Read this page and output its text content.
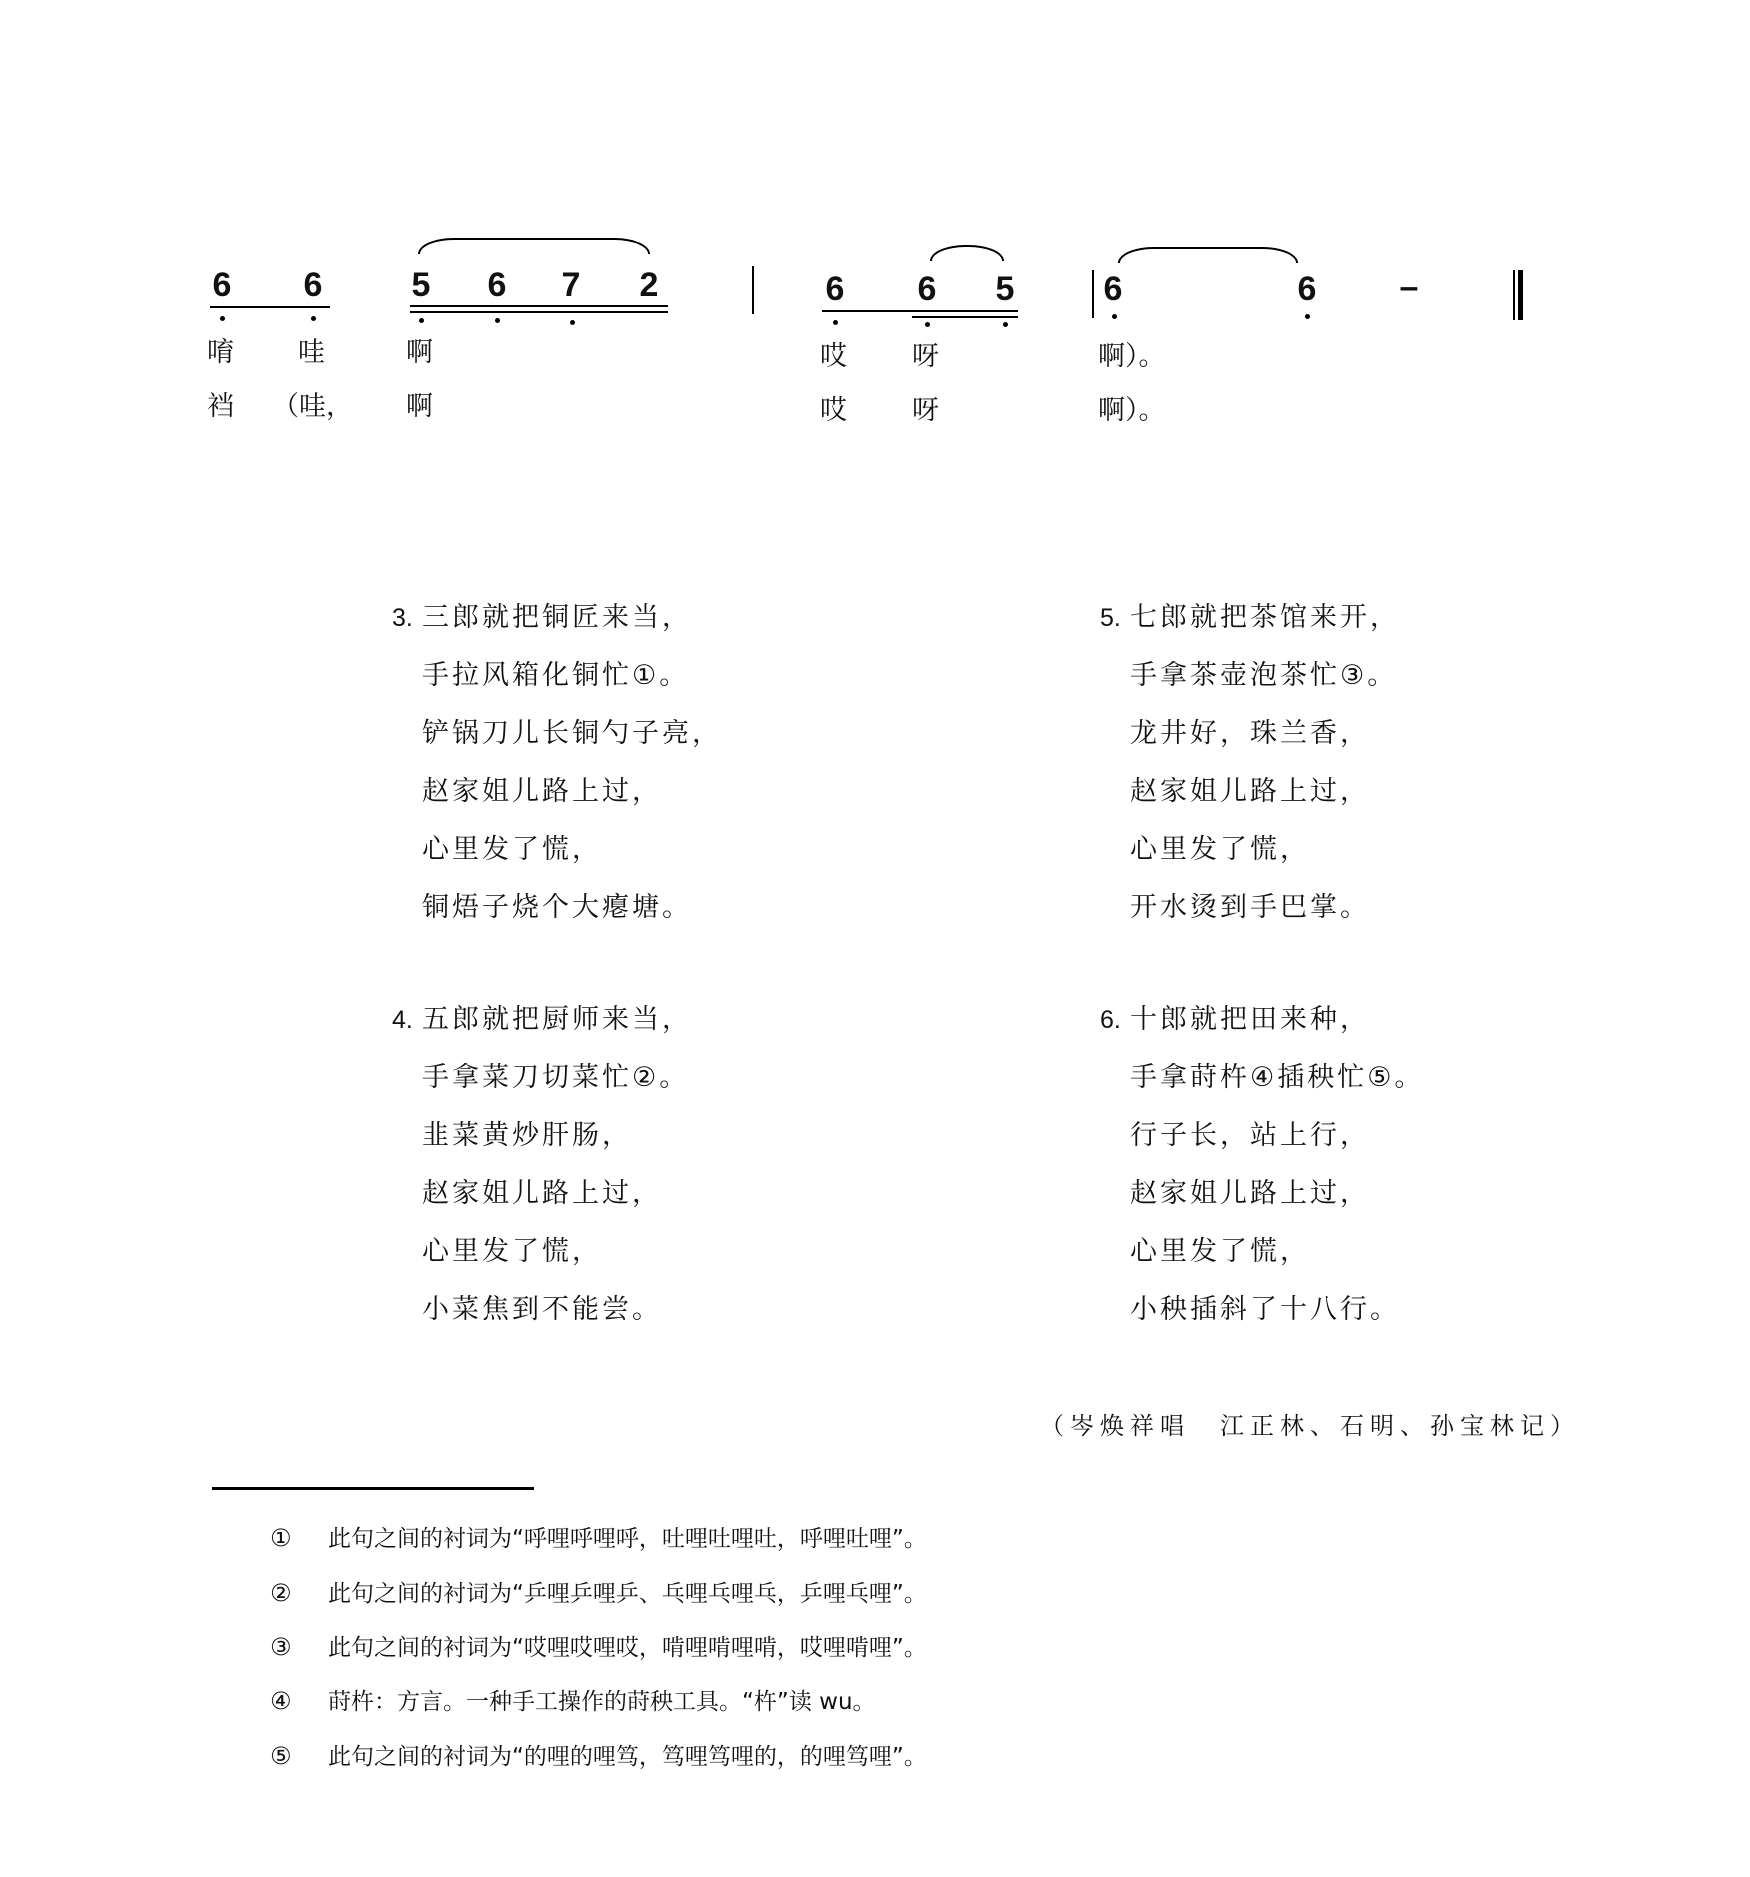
6 6	5 6 7 2	6 6 5	6	6 –
唷 哇	啊	哎 呀	啊）。
裆 （哇， 啊	哎 呀	啊）。
3. 三郎就把铜匠来当，
手拉风箱化铜忙①。
铲锅刀儿长铜勺子亮，
赵家姐儿路上过，
心里发了慌，
铜焐子烧个大瘪塘。
4. 五郎就把厨师来当，
手拿菜刀切菜忙②。
韭菜黄炒肝肠，
赵家姐儿路上过，
心里发了慌，
小菜焦到不能尝。
5. 七郎就把茶馆来开，
手拿茶壶泡茶忙③。
龙井好，珠兰香，
赵家姐儿路上过，
心里发了慌，
开水烫到手巴掌。
6. 十郎就把田来种，
手拿莳杵④插秧忙⑤。
行子长，站上行，
赵家姐儿路上过，
心里发了慌，
小秧插斜了十八行。
（岑焕祥唱　江正林、石明、孙宝林记）
① 此句之间的衬词为“呼哩呼哩呼，吐哩吐哩吐，呼哩吐哩”。
② 此句之间的衬词为“乒哩乒哩乒、乓哩乓哩乓，乒哩乓哩”。
③ 此句之间的衬词为“哎哩哎哩哎，啃哩啃哩啃，哎哩啃哩”。
④ 莳杵：方言。一种手工操作的莳秧工具。“杵”读 wu。
⑤ 此句之间的衬词为“的哩的哩笃，笃哩笃哩的，的哩笃哩”。
